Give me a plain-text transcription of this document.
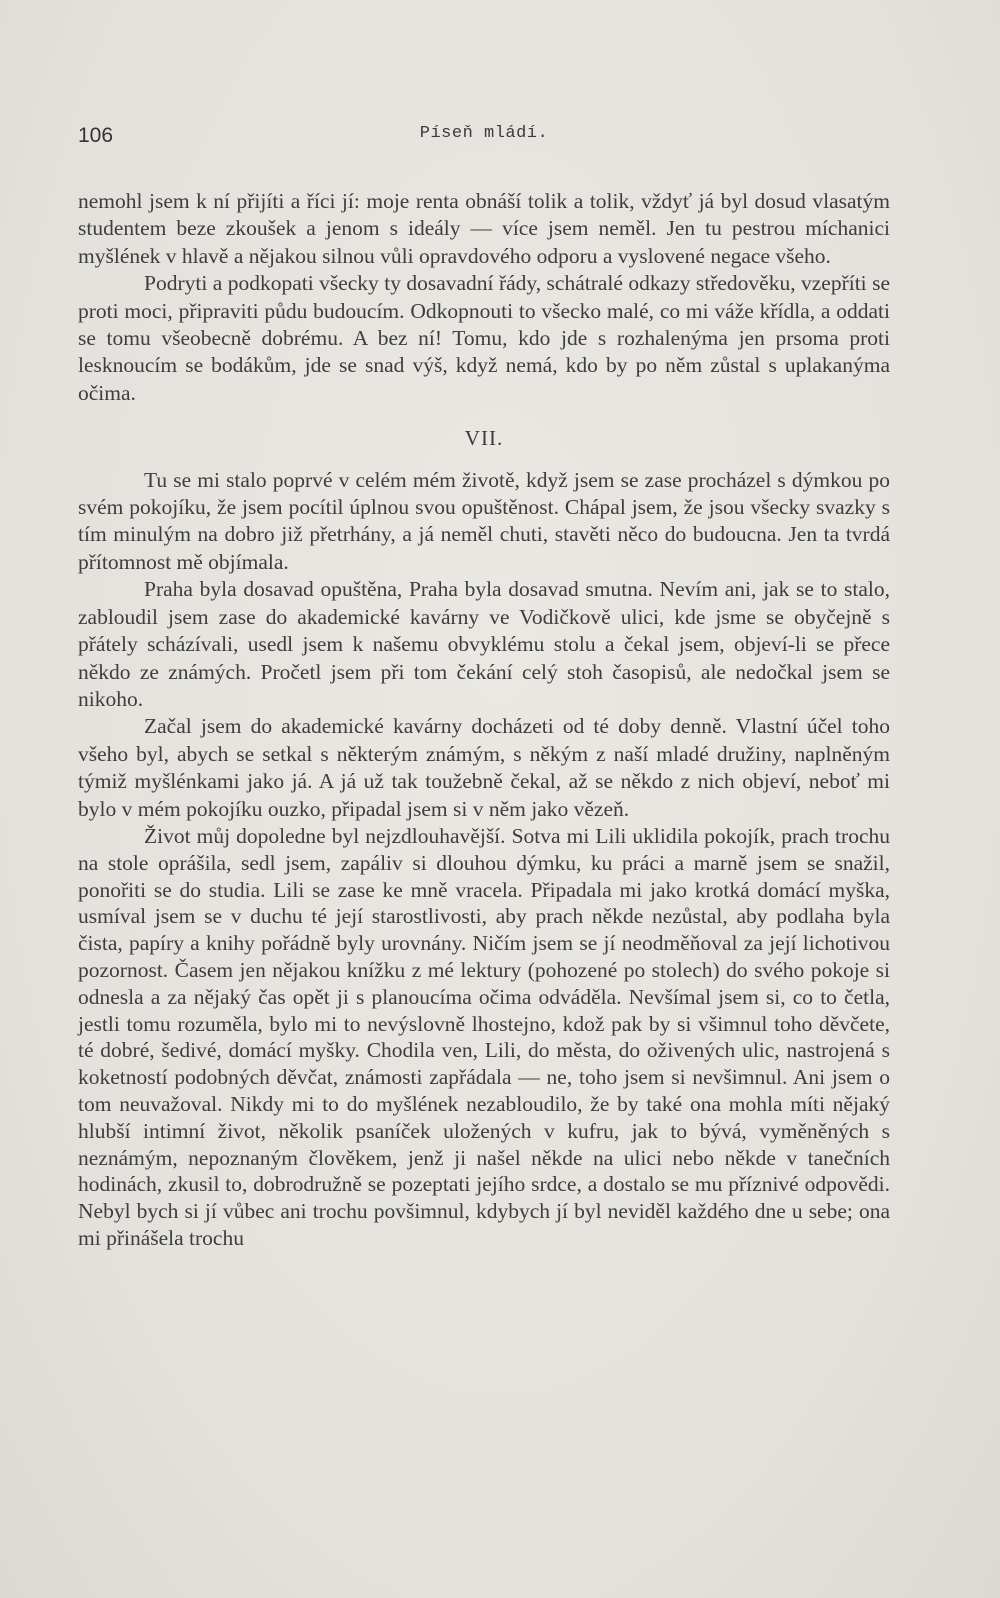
106	Píseň mládí.

nemohl jsem k ní přijíti a říci jí: moje renta obnáší tolik a tolik, vždyť já byl dosud vlasatým studentem beze zkoušek a jenom s ideály — více jsem neměl. Jen tu pestrou míchanici myšlének v hlavě a nějakou silnou vůli opravdového odporu a vyslovené negace všeho.

Podryti a podkopati všecky ty dosavadní řády, schátralé odkazy středověku, vzepříti se proti moci, připraviti půdu budoucím. Odkopnouti to všecko malé, co mi váže křídla, a oddati se tomu všeobecně dobrému. A bez ní! Tomu, kdo jde s rozhalenýma jen prsoma proti lesknoucím se bodákům, jde se snad výš, když nemá, kdo by po něm zůstal s uplakanýma očima.

VII.

Tu se mi stalo poprvé v celém mém životě, když jsem se zase procházel s dýmkou po svém pokojíku, že jsem pocítil úplnou svou opuštěnost. Chápal jsem, že jsou všecky svazky s tím minulým na dobro již přetrhány, a já neměl chuti, stavěti něco do budoucna. Jen ta tvrdá přítomnost mě objímala.

Praha byla dosavad opuštěna, Praha byla dosavad smutna. Nevím ani, jak se to stalo, zabloudil jsem zase do akademické kavárny ve Vodičkově ulici, kde jsme se obyčejně s přátely scházívali, usedl jsem k našemu obvyklému stolu a čekal jsem, objeví-li se přece někdo ze známých. Pročetl jsem při tom čekání celý stoh časopisů, ale nedočkal jsem se nikoho.

Začal jsem do akademické kavárny docházeti od té doby denně. Vlastní účel toho všeho byl, abych se setkal s některým známým, s někým z naší mladé družiny, naplněným týmiž myšlénkami jako já. A já už tak toužebně čekal, až se někdo z nich objeví, neboť mi bylo v mém pokojíku ouzko, připadal jsem si v něm jako vězeň.

Život můj dopoledne byl nejzdlouhavější. Sotva mi Lili uklidila pokojík, prach trochu na stole oprášila, sedl jsem, zapáliv si dlouhou dýmku, ku práci a marně jsem se snažil, ponořiti se do studia. Lili se zase ke mně vracela. Připadala mi jako krotká domácí myška, usmíval jsem se v duchu té její starostlivosti, aby prach někde nezůstal, aby podlaha byla čista, papíry a knihy pořádně byly urovnány. Ničím jsem se jí neodměňoval za její lichotivou pozornost. Časem jen nějakou knížku z mé lektury (pohozené po stolech) do svého pokoje si odnesla a za nějaký čas opět ji s planoucíma očima odváděla. Nevšímal jsem si, co to četla, jestli tomu rozuměla, bylo mi to nevýslovně lhostejno, kdož pak by si všimnul toho děvčete, té dobré, šedivé, domácí myšky. Chodila ven, Lili, do města, do oživených ulic, nastrojená s koketností podobných děvčat, známosti zapřádala — ne, toho jsem si nevšimnul. Ani jsem o tom neuvažoval. Nikdy mi to do myšlének nezabloudilo, že by také ona mohla míti nějaký hlubší intimní život, několik psaníček uložených v kufru, jak to bývá, vyměněných s neznámým, nepoznaným člověkem, jenž ji našel někde na ulici nebo někde v tanečních hodinách, zkusil to, dobrodružně se pozeptati jejího srdce, a dostalo se mu příznivé odpovědi. Nebyl bych si jí vůbec ani trochu povšimnul, kdybych jí byl neviděl každého dne u sebe; ona mi přinášela trochu
